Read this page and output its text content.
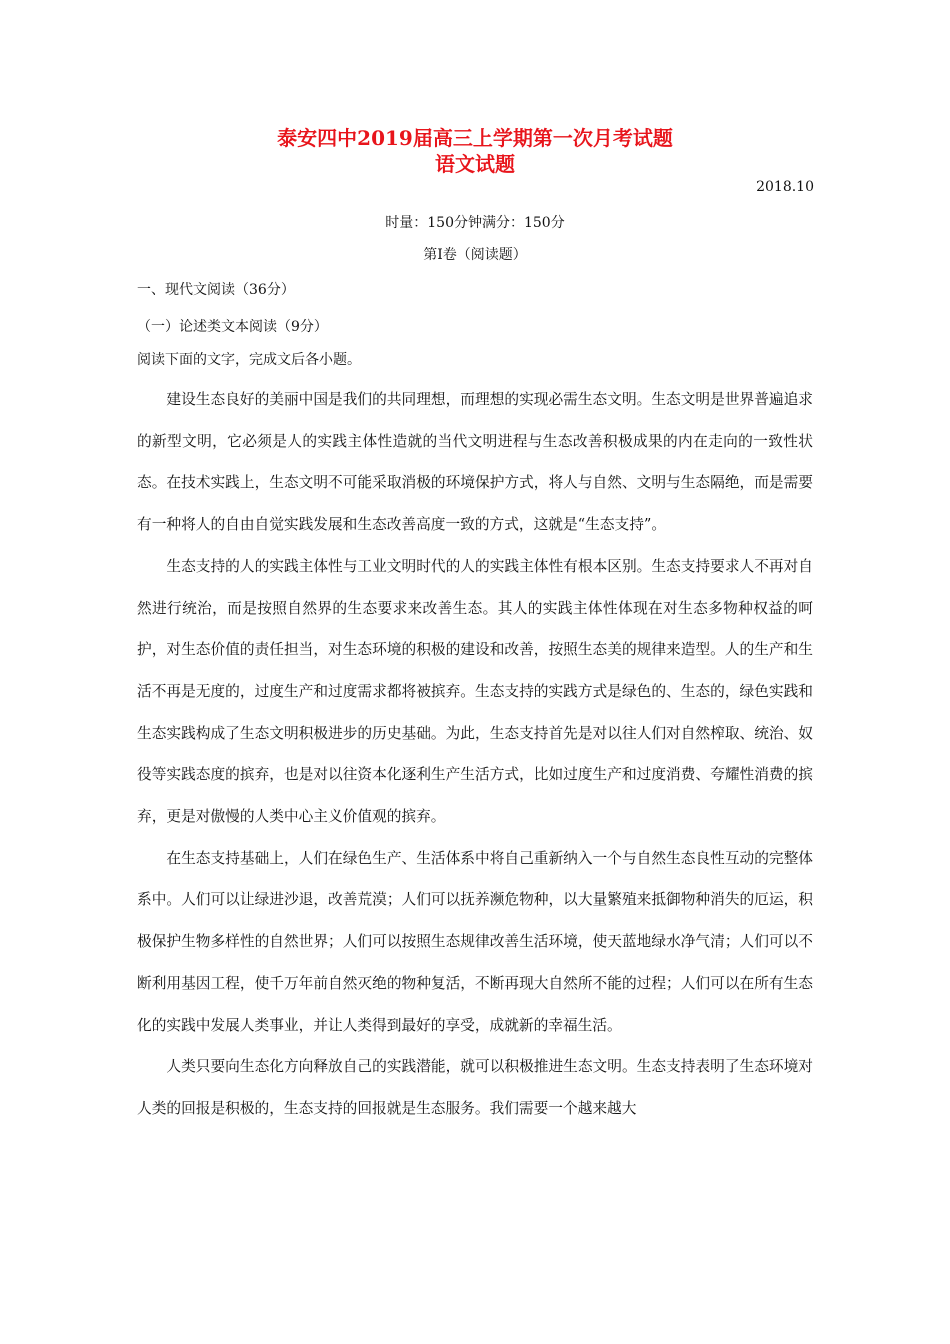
泰安四中2019届高三上学期第一次月考试题
语文试题
2018.10
时量：150分钟满分：150分
第Ⅰ卷（阅读题）
一、现代文阅读（36分）
（一）论述类文本阅读（9分）
阅读下面的文字，完成文后各小题。

建设生态良好的美丽中国是我们的共同理想，而理想的实现必需生态文明。生态文明是世界普遍追求的新型文明，它必须是人的实践主体性造就的当代文明进程与生态改善积极成果的内在走向的一致性状态。在技术实践上，生态文明不可能采取消极的环境保护方式，将人与自然、文明与生态隔绝，而是需要有一种将人的自由自觉实践发展和生态改善高度一致的方式，这就是“生态支持”。

生态支持的人的实践主体性与工业文明时代的人的实践主体性有根本区别。生态支持要求人不再对自然进行统治，而是按照自然界的生态要求来改善生态。其人的实践主体性体现在对生态多物种权益的呵护，对生态价值的责任担当，对生态环境的积极的建设和改善，按照生态美的规律来造型。人的生产和生活不再是无度的，过度生产和过度需求都将被摈弃。生态支持的实践方式是绿色的、生态的，绿色实践和生态实践构成了生态文明积极进步的历史基础。为此，生态支持首先是对以往人们对自然榨取、统治、奴役等实践态度的摈弃，也是对以往资本化逐利生产生活方式，比如过度生产和过度消费、夸耀性消费的摈弃，更是对傲慢的人类中心主义价值观的摈弃。

在生态支持基础上，人们在绿色生产、生活体系中将自己重新纳入一个与自然生态良性互动的完整体系中。人们可以让绿进沙退，改善荒漠；人们可以抚养濒危物种，以大量繁殖来抵御物种消失的厄运，积极保护生物多样性的自然世界；人们可以按照生态规律改善生活环境，使天蓝地绿水净气清；人们可以不断利用基因工程，使千万年前自然灭绝的物种复活，不断再现大自然所不能的过程；人们可以在所有生态化的实践中发展人类事业，并让人类得到最好的享受，成就新的幸福生活。

人类只要向生态化方向释放自己的实践潜能，就可以积极推进生态文明。生态支持表明了生态环境对人类的回报是积极的，生态支持的回报就是生态服务。我们需要一个越来越大
